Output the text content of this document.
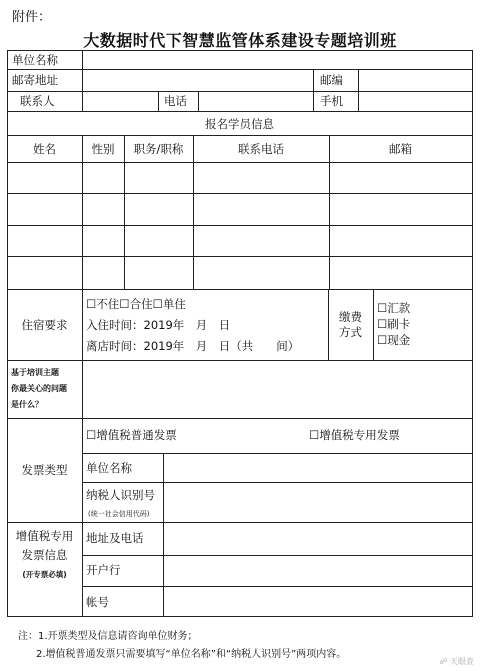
附件：
大数据时代下智慧监管体系建设专题培训班
单位名称
邮寄地址	邮编
联系人	电话	手机
报名学员信息
姓名	性别	职务/职称	联系电话	邮箱
住宿要求
☐不住☐合住☐单住
入住时间：2019年　月　日
离店时间：2019年　月　日（共　　间）
缴费
方式
☐汇款
☐刷卡
☐现金
基于培训主题
你最关心的问题
是什么？
发票类型
☐增值税普通发票	☐增值税专用发票
单位名称
纳税人识别号
(统一社会信用代码)
增值税专用
发票信息
(开专票必填)
地址及电话
开户行
帐号
注：1.开票类型及信息请咨询单位财务；
2.增值税普通发票只需要填写“单位名称”和“纳税人识别号”两项内容。
☍ 天眼查
